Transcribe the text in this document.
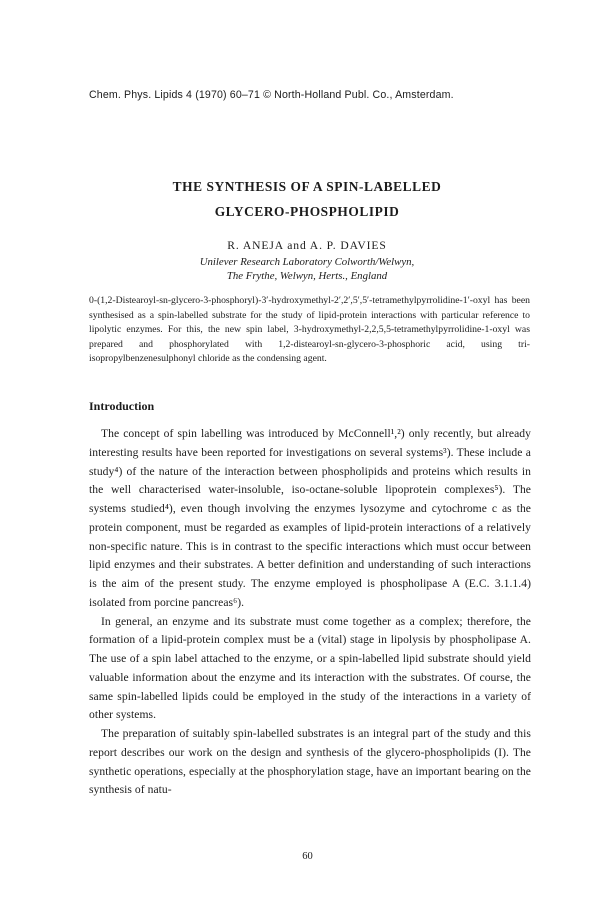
Chem. Phys. Lipids 4 (1970) 60–71 © North-Holland Publ. Co., Amsterdam.
THE SYNTHESIS OF A SPIN-LABELLED
GLYCERO-PHOSPHOLIPID
R. ANEJA and A. P. DAVIES
Unilever Research Laboratory Colworth/Welwyn,
The Frythe, Welwyn, Herts., England
0-(1,2-Distearoyl-sn-glycero-3-phosphoryl)-3′-hydroxymethyl-2′,2′,5′,5′-tetramethylpyrrolidine-1′-oxyl has been synthesised as a spin-labelled substrate for the study of lipid-protein interactions with particular reference to lipolytic enzymes. For this, the new spin label, 3-hydroxymethyl-2,2,5,5-tetramethylpyrrolidine-1-oxyl was prepared and phosphorylated with 1,2-distearoyl-sn-glycero-3-phosphoric acid, using tri-isopropylbenzenesulphonyl chloride as the condensing agent.
Introduction

The concept of spin labelling was introduced by McConnell¹,²) only recently, but already interesting results have been reported for investigations on several systems³). These include a study⁴) of the nature of the interaction between phospholipids and proteins which results in the well characterised water-insoluble, iso-octane-soluble lipoprotein complexes⁵). The systems studied⁴), even though involving the enzymes lysozyme and cytochrome c as the protein component, must be regarded as examples of lipid-protein interactions of a relatively non-specific nature. This is in contrast to the specific interactions which must occur between lipid enzymes and their substrates. A better definition and understanding of such interactions is the aim of the present study. The enzyme employed is phospholipase A (E.C. 3.1.1.4) isolated from porcine pancreas⁶).

In general, an enzyme and its substrate must come together as a complex; therefore, the formation of a lipid-protein complex must be a (vital) stage in lipolysis by phospholipase A. The use of a spin label attached to the enzyme, or a spin-labelled lipid substrate should yield valuable information about the enzyme and its interaction with the substrates. Of course, the same spin-labelled lipids could be employed in the study of the interactions in a variety of other systems.

The preparation of suitably spin-labelled substrates is an integral part of the study and this report describes our work on the design and synthesis of the glycero-phospholipids (I). The synthetic operations, especially at the phosphorylation stage, have an important bearing on the synthesis of natu-

60
